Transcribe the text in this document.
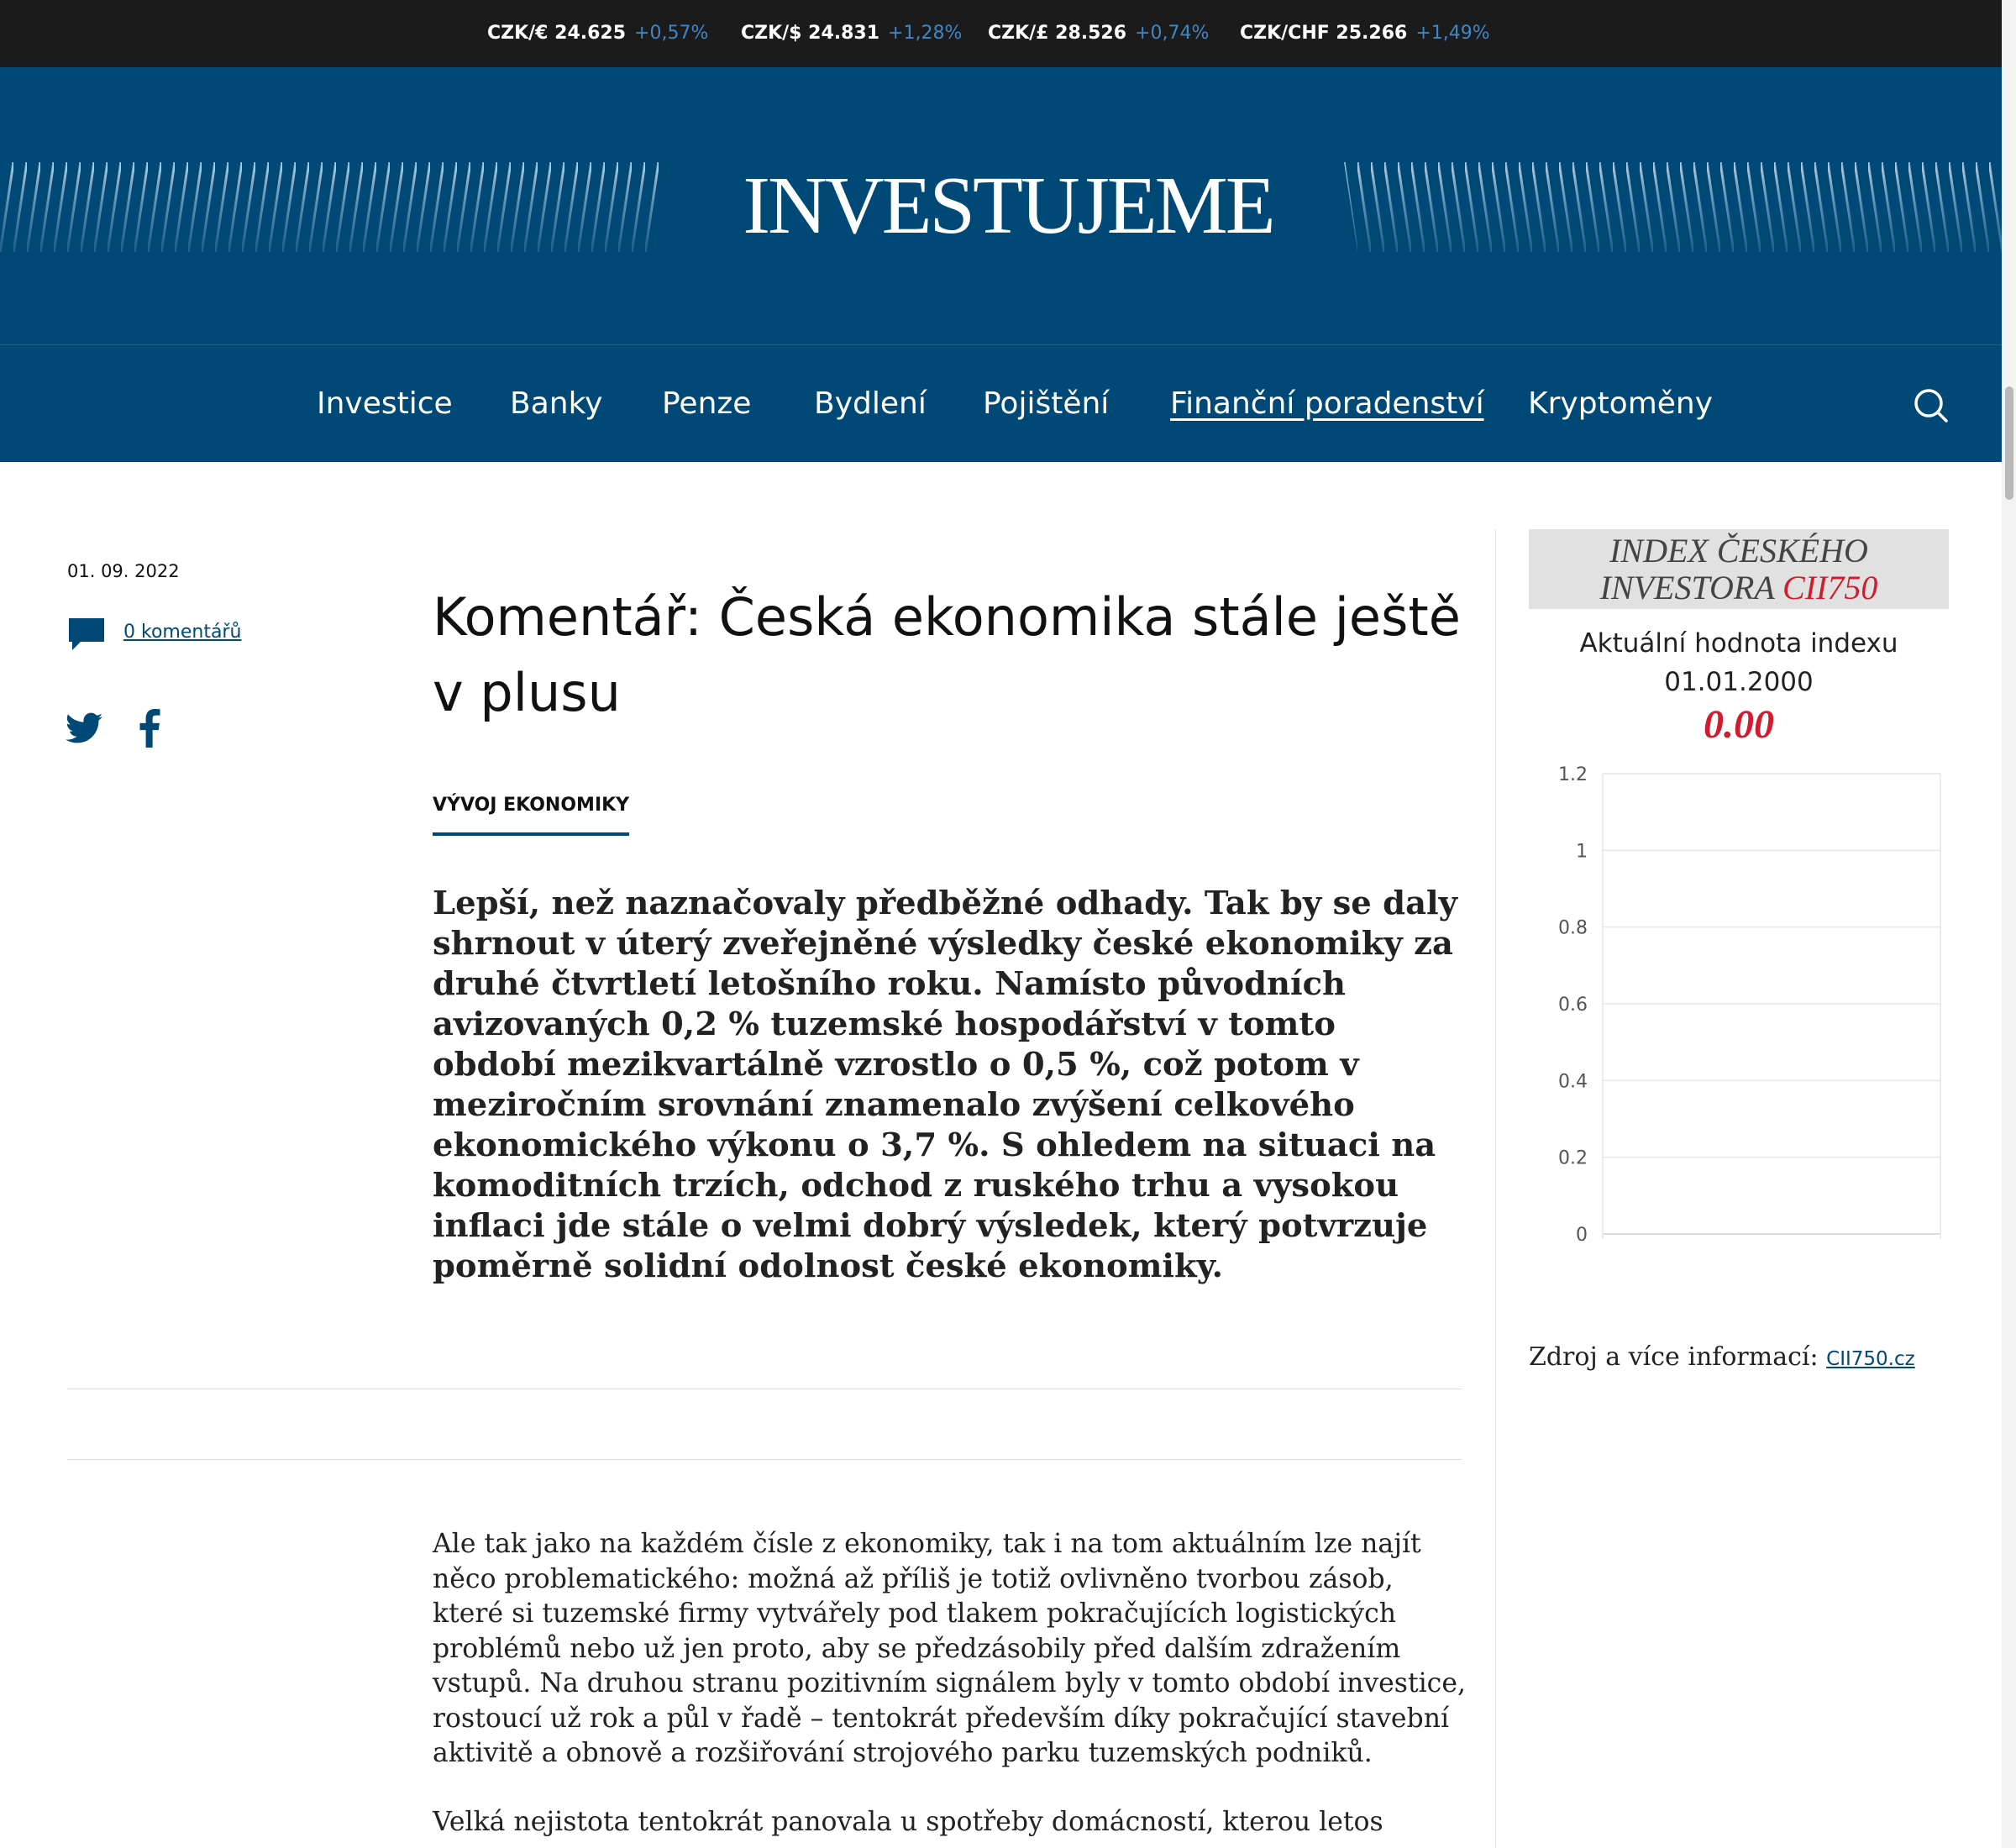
CZK/€ 24.625 +0,57% CZK/$ 24.831 +1,28% CZK/£ 28.526 +0,74% CZK/CHF 25.266 +1,49%
INVESTUJEME
Investice Banky Penze Bydlení Pojištění Finanční poradenství Kryptoměny
01. 09. 2022
0 komentářů	Komentář: Česká ekonomika stále ještě v plusu
VÝVOJ EKONOMIKY

Lepší, než naznačovaly předběžné odhady. Tak by se daly shrnout v úterý zveřejněné výsledky české ekonomiky za druhé čtvrtletí letošního roku. Namísto původních avizovaných 0,2 % tuzemské hospodářství v tomto období mezikvartálně vzrostlo o 0,5 %, což potom v meziročním srovnání znamenalo zvýšení celkového ekonomického výkonu o 3,7 %. S ohledem na situaci na komoditních trzích, odchod z ruského trhu a vysokou inflaci jde stále o velmi dobrý výsledek, který potvrzuje poměrně solidní odolnost české ekonomiky.

Ale tak jako na každém čísle z ekonomiky, tak i na tom aktuálním lze najít něco problematického: možná až příliš je totiž ovlivněno tvorbou zásob, které si tuzemské firmy vytvářely pod tlakem pokračujících logistických problémů nebo už jen proto, aby se předzásobily před dalším zdražením vstupů. Na druhou stranu pozitivním signálem byly v tomto období investice, rostoucí už rok a půl v řadě – tentokrát především díky pokračující stavební aktivitě a obnově a rozšiřování strojového parku tuzemských podniků.

Velká nejistota tentokrát panovala u spotřeby domácností, kterou letos

INDEX ČESKÉHO INVESTORA CII750
Aktuální hodnota indexu
01.01.2000
0.00
0
0.2
0.4
0.6
0.8
1
1.2
Zdroj a více informací: CII750.cz
